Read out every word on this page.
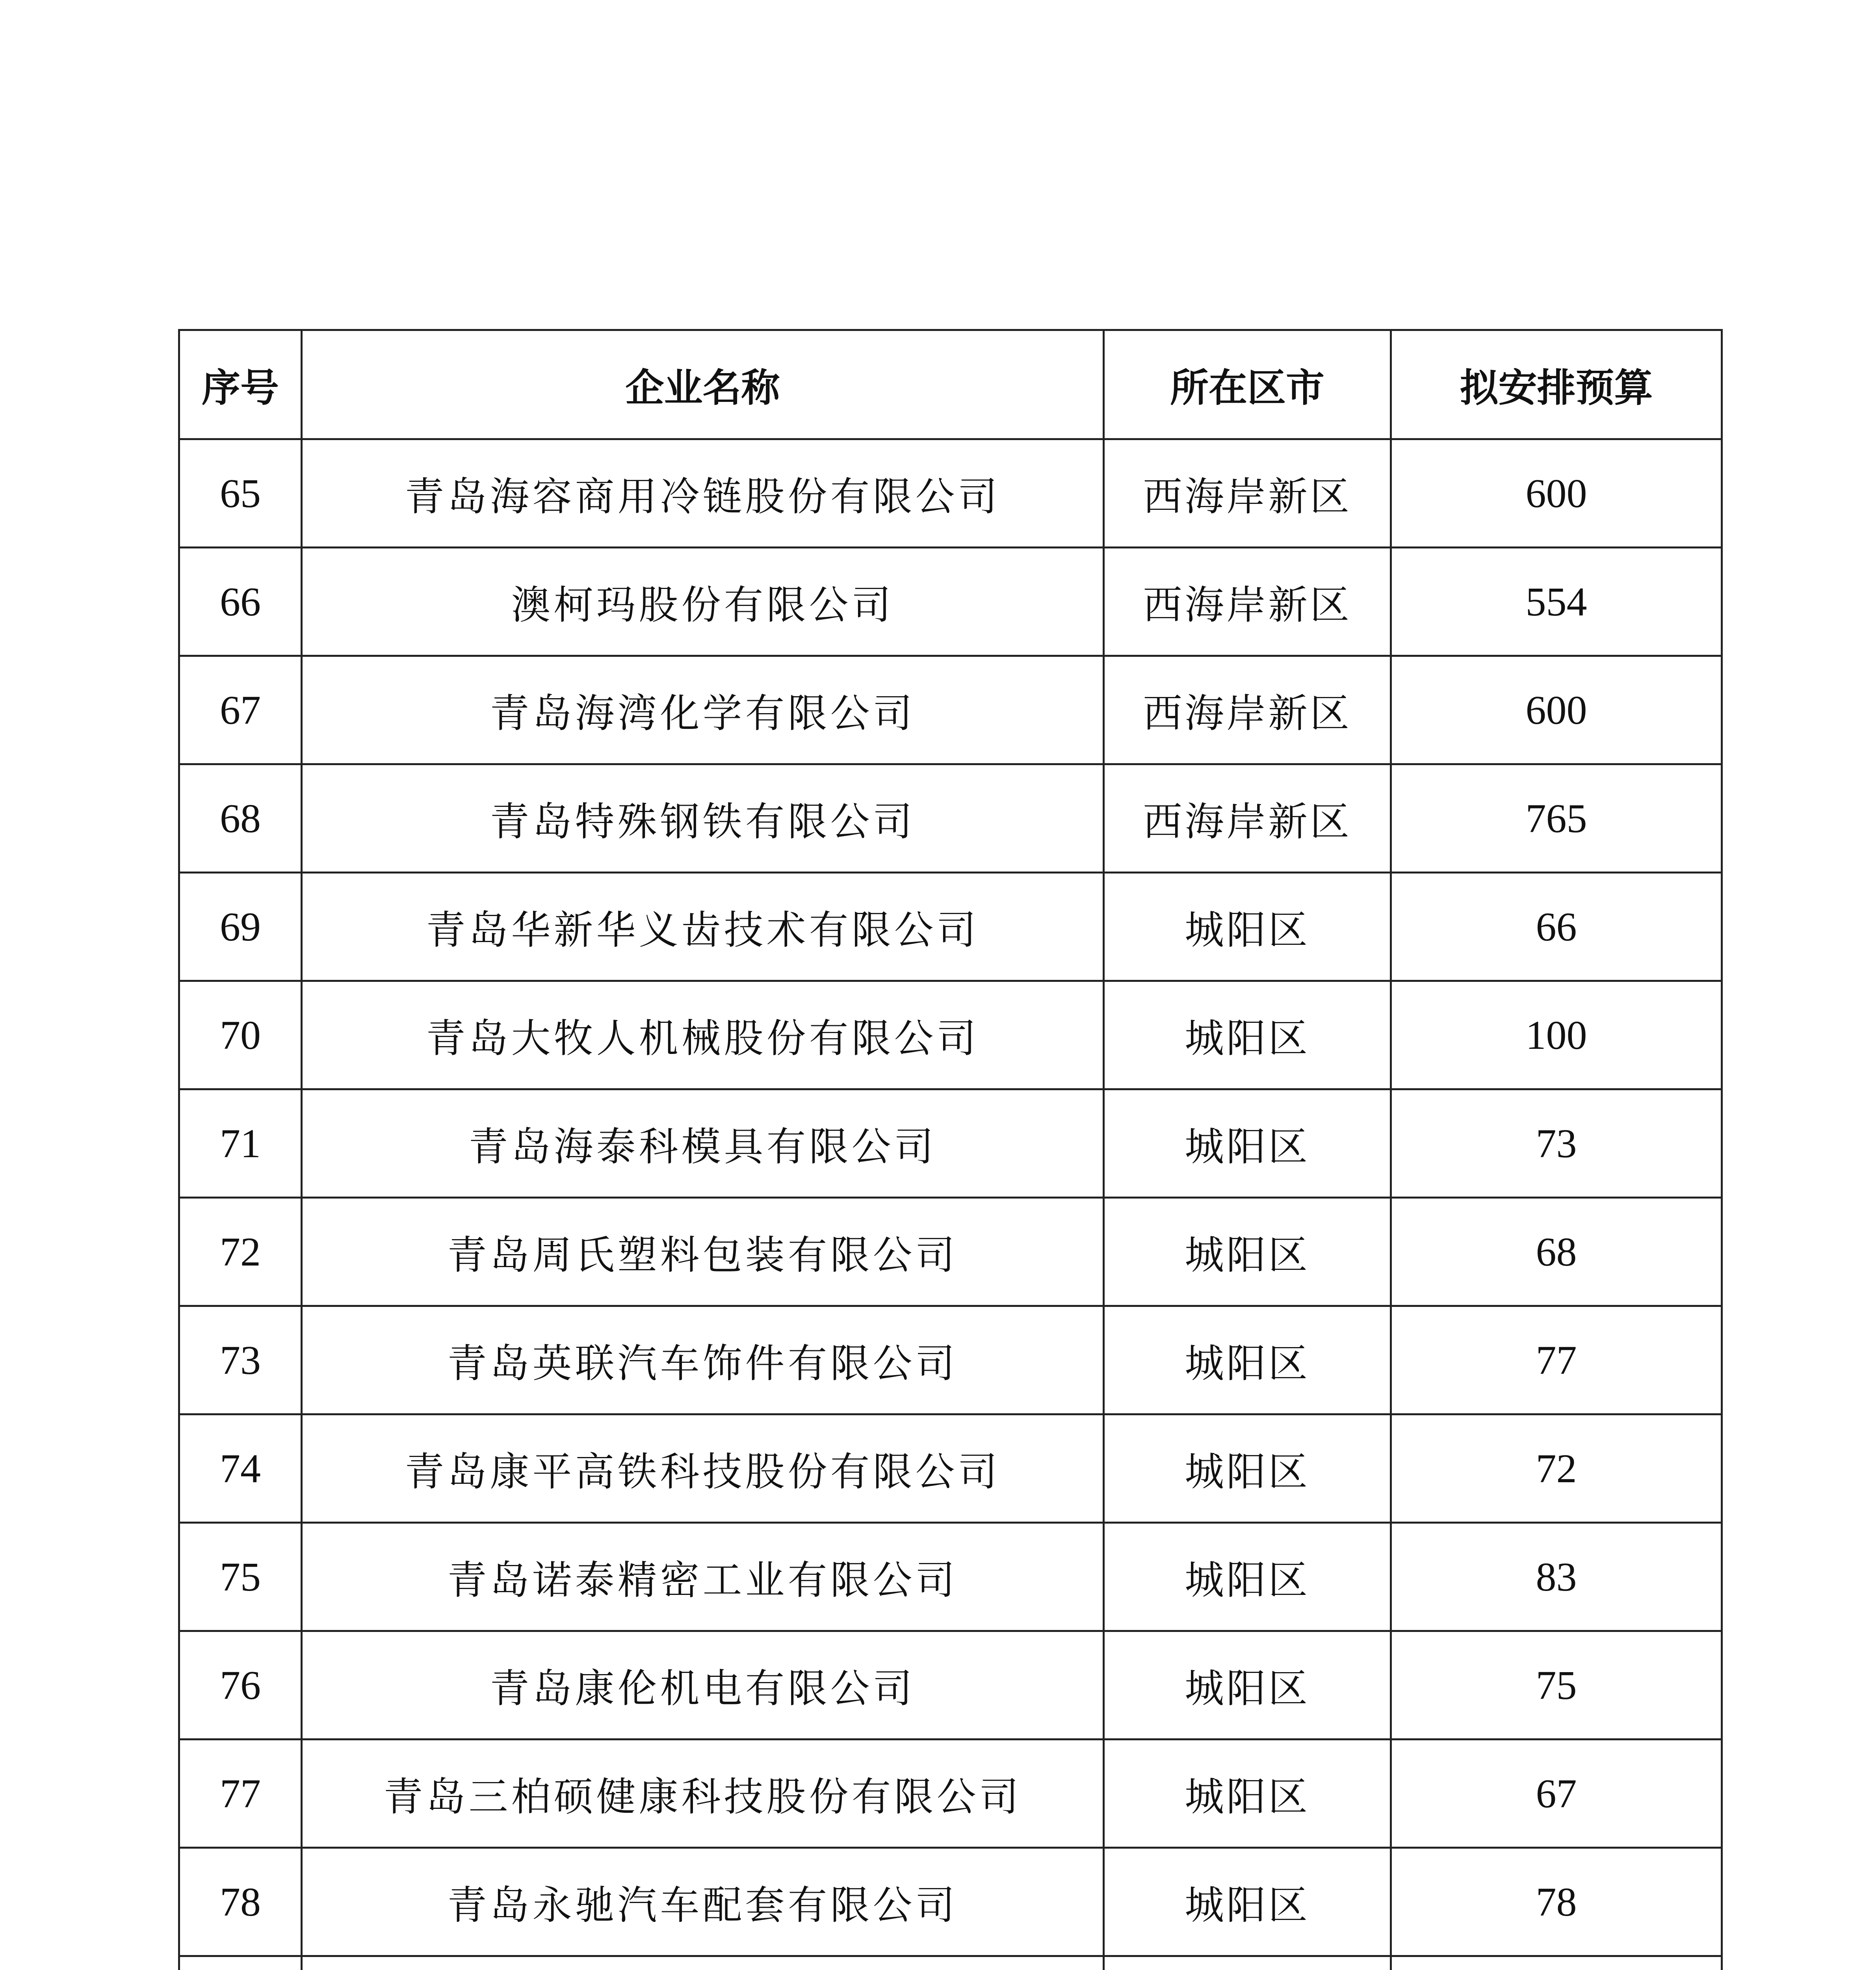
序号	企业名称	所在区市	拟安排预算
65	青岛海容商用冷链股份有限公司	西海岸新区	600
66	澳柯玛股份有限公司	西海岸新区	554
67	青岛海湾化学有限公司	西海岸新区	600
68	青岛特殊钢铁有限公司	西海岸新区	765
69	青岛华新华义齿技术有限公司	城阳区	66
70	青岛大牧人机械股份有限公司	城阳区	100
71	青岛海泰科模具有限公司	城阳区	73
72	青岛周氏塑料包装有限公司	城阳区	68
73	青岛英联汽车饰件有限公司	城阳区	77
74	青岛康平高铁科技股份有限公司	城阳区	72
75	青岛诺泰精密工业有限公司	城阳区	83
76	青岛康伦机电有限公司	城阳区	75
77	青岛三柏硕健康科技股份有限公司	城阳区	67
78	青岛永驰汽车配套有限公司	城阳区	78
